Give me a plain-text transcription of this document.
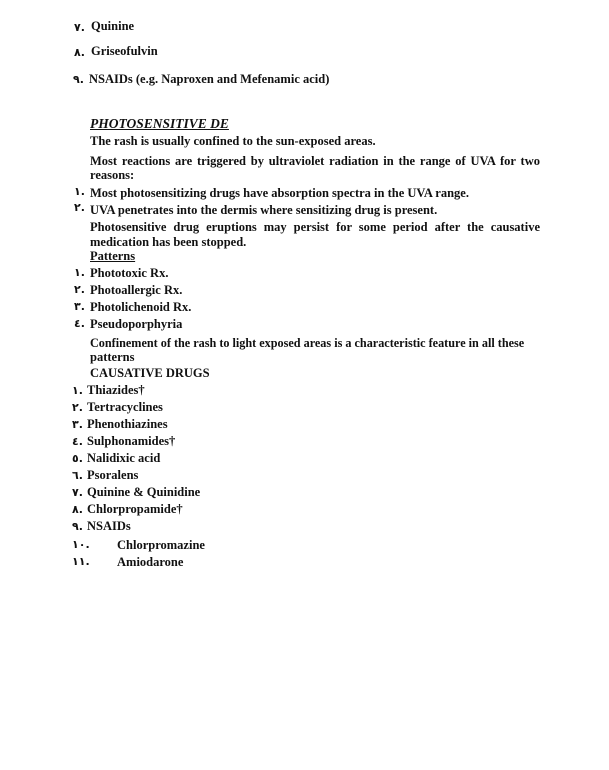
٧. Quinine
٨. Griseofulvin
٩. NSAIDs (e.g. Naproxen and Mefenamic acid)
PHOTOSENSITIVE DE
The rash is usually confined to the sun-exposed areas.
Most reactions are triggered by ultraviolet radiation in the range of UVA for two
reasons:
١. Most photosensitizing drugs have absorption spectra in the UVA range.
٢. UVA penetrates into the dermis where sensitizing drug is present.
Photosensitive drug eruptions may persist for some period after the causative
medication has been stopped.
Patterns
١. Phototoxic Rx.
٢. Photoallergic Rx.
٣. Photolichenoid Rx.
٤. Pseudoporphyria
Confinement of the rash to light exposed areas is a characteristic feature in all these
patterns
CAUSATIVE DRUGS
١. Thiazides†
٢. Tertracyclines
٣. Phenothiazines
٤. Sulphonamides†
٥. Nalidixic acid
٦. Psoralens
٧. Quinine & Quinidine
٨. Chlorpropamide†
٩. NSAIDs
١٠. Chlorpromazine
١١. Amiodarone
